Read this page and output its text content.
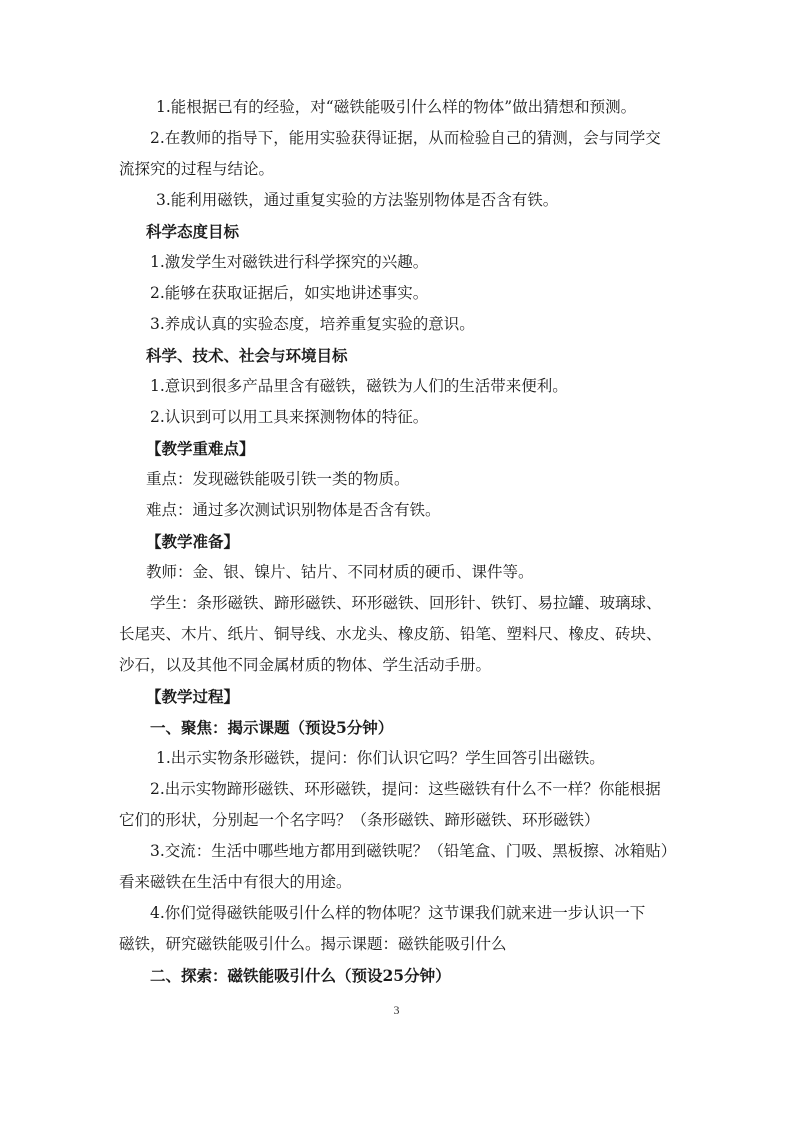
1.能根据已有的经验，对“磁铁能吸引什么样的物体”做出猜想和预测。
2.在教师的指导下，能用实验获得证据，从而检验自己的猜测，会与同学交
流探究的过程与结论。
3.能利用磁铁，通过重复实验的方法鉴别物体是否含有铁。
科学态度目标
1.激发学生对磁铁进行科学探究的兴趣。
2.能够在获取证据后，如实地讲述事实。
3.养成认真的实验态度，培养重复实验的意识。
科学、技术、社会与环境目标
1.意识到很多产品里含有磁铁，磁铁为人们的生活带来便利。
2.认识到可以用工具来探测物体的特征。
【教学重难点】
重点：发现磁铁能吸引铁一类的物质。
难点：通过多次测试识别物体是否含有铁。
【教学准备】
教师：金、银、镍片、钴片、不同材质的硬币、课件等。
学生：条形磁铁、蹄形磁铁、环形磁铁、回形针、铁钉、易拉罐、玻璃球、
长尾夹、木片、纸片、铜导线、水龙头、橡皮筋、铅笔、塑料尺、橡皮、砖块、
沙石，以及其他不同金属材质的物体、学生活动手册。
【教学过程】
一、聚焦：揭示课题（预设5分钟）
1.出示实物条形磁铁，提问：你们认识它吗？学生回答引出磁铁。
2.出示实物蹄形磁铁、环形磁铁，提问：这些磁铁有什么不一样？你能根据
它们的形状，分别起一个名字吗？（条形磁铁、蹄形磁铁、环形磁铁）
3.交流：生活中哪些地方都用到磁铁呢？（铅笔盒、门吸、黑板擦、冰箱贴）
看来磁铁在生活中有很大的用途。
4.你们觉得磁铁能吸引什么样的物体呢？这节课我们就来进一步认识一下
磁铁，研究磁铁能吸引什么。揭示课题：磁铁能吸引什么
二、探索：磁铁能吸引什么（预设25分钟）
3
